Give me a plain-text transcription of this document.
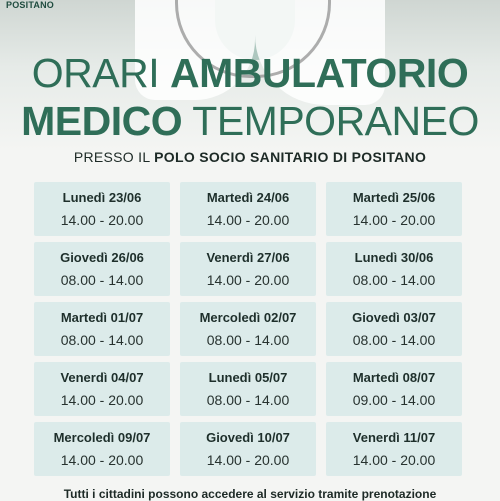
POSITANO
ORARI AMBULATORIO
MEDICO TEMPORANEO
PRESSO IL POLO SOCIO SANITARIO DI POSITANO
Lunedì 23/06
14.00 - 20.00
Martedì 24/06
14.00 - 20.00
Martedì 25/06
14.00 - 20.00
Giovedì 26/06
08.00 - 14.00
Venerdì 27/06
14.00 - 20.00
Lunedì 30/06
08.00 - 14.00
Martedì 01/07
08.00 - 14.00
Mercoledì 02/07
08.00 - 14.00
Giovedì 03/07
08.00 - 14.00
Venerdì 04/07
14.00 - 20.00
Lunedì 05/07
08.00 - 14.00
Martedì 08/07
09.00 - 14.00
Mercoledì 09/07
14.00 - 20.00
Giovedì 10/07
14.00 - 20.00
Venerdì 11/07
14.00 - 20.00
Tutti i cittadini possono accedere al servizio tramite prenotazione
